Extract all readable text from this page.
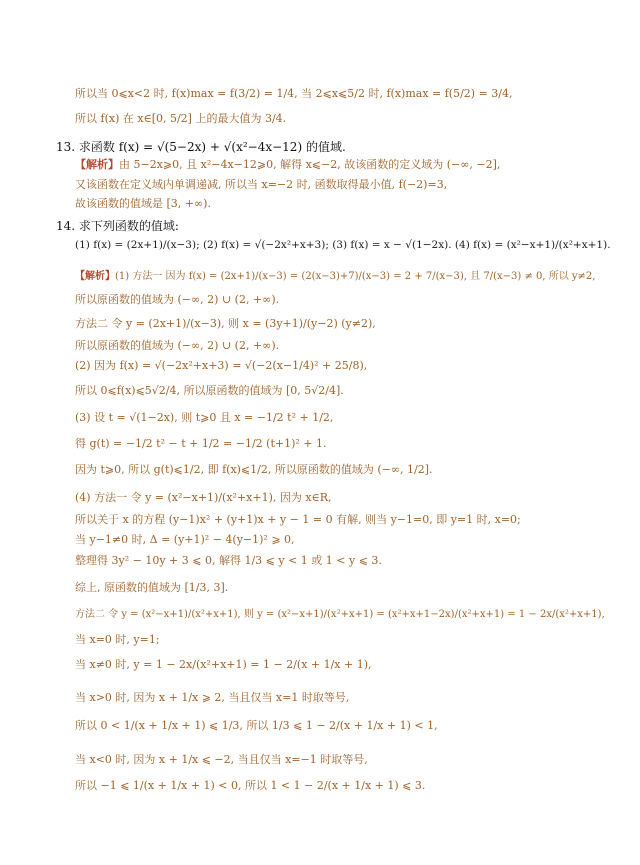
所以当 0⩽x<2 时, f(x)max = f(3/2) = 1/4, 当 2⩽x⩽5/2 时, f(x)max = f(5/2) = 3/4,
所以 f(x) 在 x∈[0, 5/2] 上的最大值为 3/4.
13. 求函数 f(x) = √(5−2x) + √(x²−4x−12) 的值域.
【解析】由 5−2x⩾0, 且 x²−4x−12⩾0, 解得 x⩽−2, 故该函数的定义域为 (−∞, −2],
又该函数在定义域内单调递减, 所以当 x=−2 时, 函数取得最小值, f(−2)=3,
故该函数的值域是 [3, +∞).
14. 求下列函数的值域:
(1) f(x) = (2x+1)/(x−3); (2) f(x) = √(−2x²+x+3); (3) f(x) = x − √(1−2x). (4) f(x) = (x²−x+1)/(x²+x+1).
【解析】(1) 方法一 因为 f(x) = (2x+1)/(x−3) = (2(x−3)+7)/(x−3) = 2 + 7/(x−3), 且 7/(x−3) ≠ 0, 所以 y≠2,
所以原函数的值域为 (−∞, 2) ∪ (2, +∞).
方法二 令 y = (2x+1)/(x−3), 则 x = (3y+1)/(y−2) (y≠2),
所以原函数的值域为 (−∞, 2) ∪ (2, +∞).
(2) 因为 f(x) = √(−2x²+x+3) = √(−2(x−1/4)² + 25/8),
所以 0⩽f(x)⩽5√2/4, 所以原函数的值域为 [0, 5√2/4].
(3) 设 t = √(1−2x), 则 t⩾0 且 x = −1/2 t² + 1/2,
得 g(t) = −1/2 t² − t + 1/2 = −1/2 (t+1)² + 1.
因为 t⩾0, 所以 g(t)⩽1/2, 即 f(x)⩽1/2, 所以原函数的值域为 (−∞, 1/2].
(4) 方法一 令 y = (x²−x+1)/(x²+x+1), 因为 x∈R,
所以关于 x 的方程 (y−1)x² + (y+1)x + y − 1 = 0 有解, 则当 y−1=0, 即 y=1 时, x=0;
当 y−1≠0 时, Δ = (y+1)² − 4(y−1)² ⩾ 0,
整理得 3y² − 10y + 3 ⩽ 0, 解得 1/3 ⩽ y < 1 或 1 < y ⩽ 3.
综上, 原函数的值域为 [1/3, 3].
方法二 令 y = (x²−x+1)/(x²+x+1), 则 y = (x²−x+1)/(x²+x+1) = (x²+x+1−2x)/(x²+x+1) = 1 − 2x/(x²+x+1),
当 x=0 时, y=1;
当 x≠0 时, y = 1 − 2x/(x²+x+1) = 1 − 2/(x + 1/x + 1),
当 x>0 时, 因为 x + 1/x ⩾ 2, 当且仅当 x=1 时取等号,
所以 0 < 1/(x + 1/x + 1) ⩽ 1/3, 所以 1/3 ⩽ 1 − 2/(x + 1/x + 1) < 1,
当 x<0 时, 因为 x + 1/x ⩽ −2, 当且仅当 x=−1 时取等号,
所以 −1 ⩽ 1/(x + 1/x + 1) < 0, 所以 1 < 1 − 2/(x + 1/x + 1) ⩽ 3.
